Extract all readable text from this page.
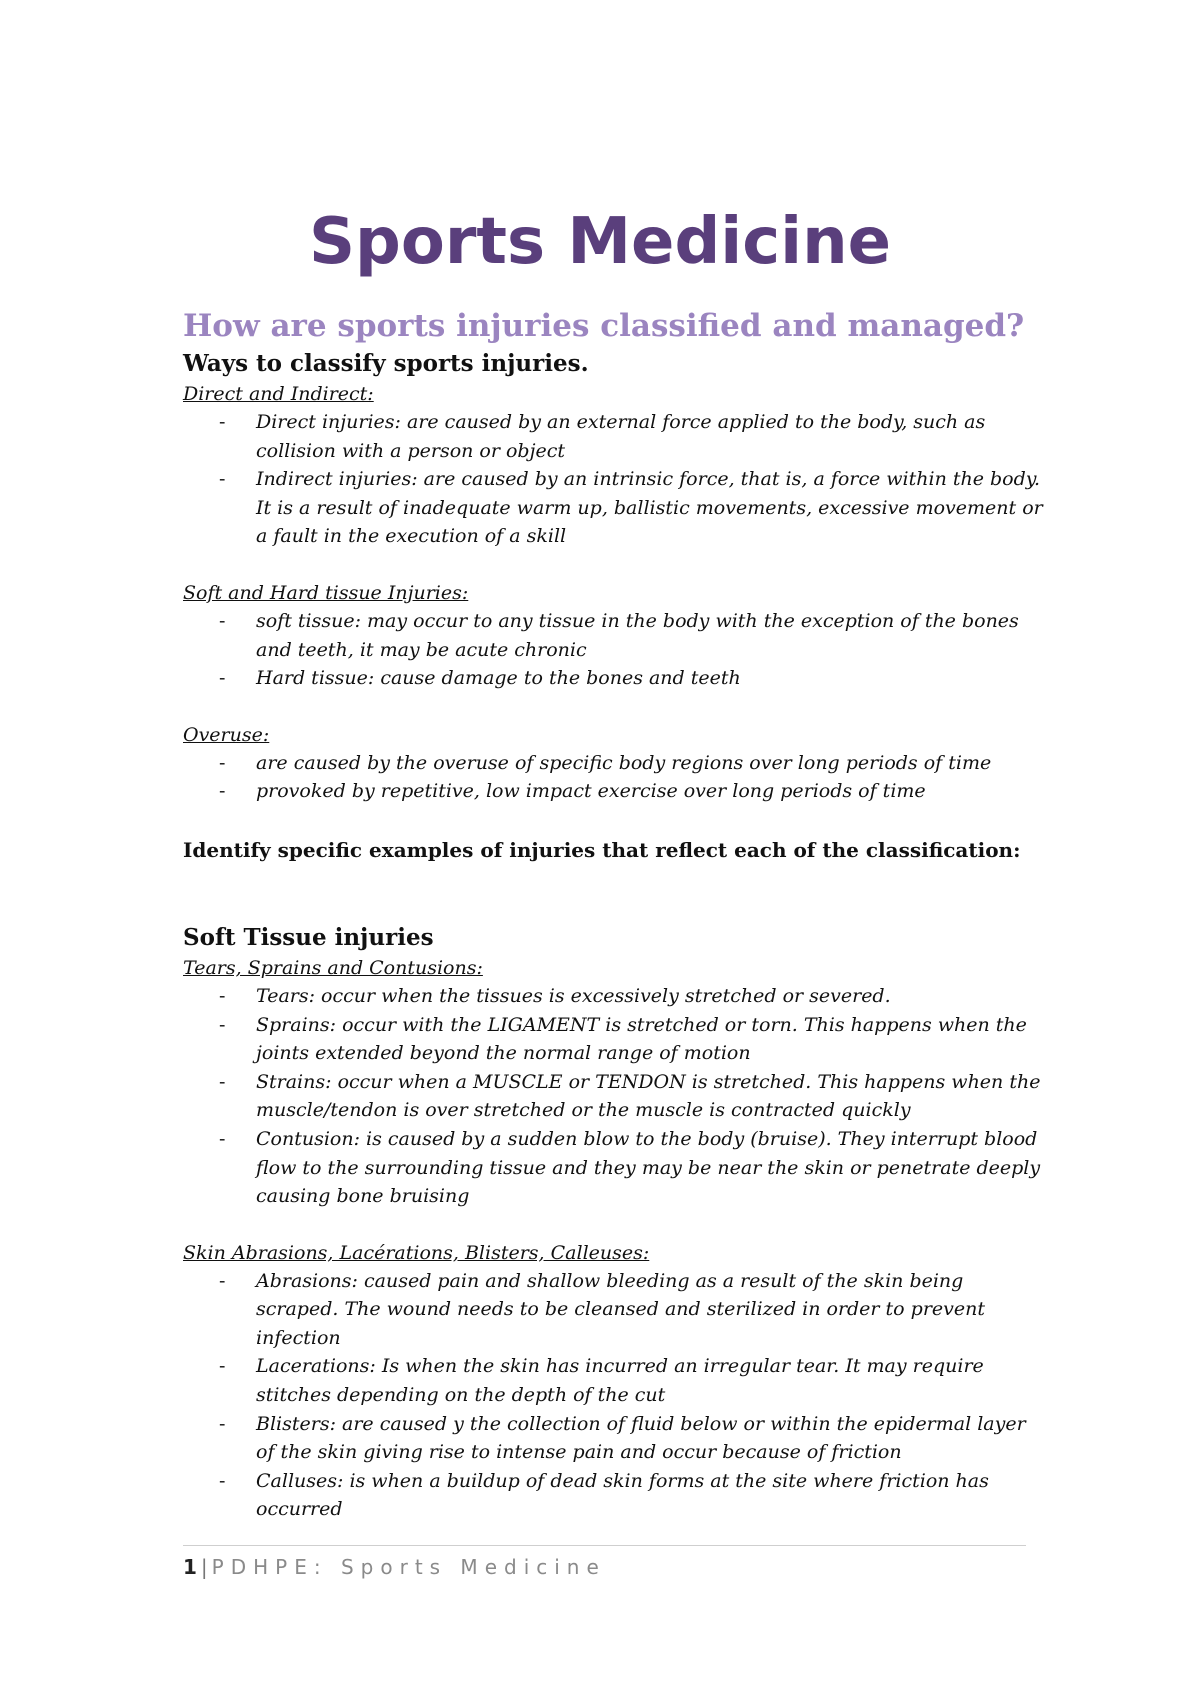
Sports Medicine
How are sports injuries classified and managed?
Ways to classify sports injuries.

Direct and Indirect:

- Direct injuries: are caused by an external force applied to the body, such as collision with a person or object
- Indirect injuries: are caused by an intrinsic force, that is, a force within the body. It is a result of inadequate warm up, ballistic movements, excessive movement or a fault in the execution of a skill

Soft and Hard tissue Injuries:

- soft tissue: may occur to any tissue in the body with the exception of the bones and teeth, it may be acute chronic
- Hard tissue: cause damage to the bones and teeth

Overuse:

- are caused by the overuse of specific body regions over long periods of time
- provoked by repetitive, low impact exercise over long periods of time

Identify specific examples of injuries that reflect each of the classification:

Soft Tissue injuries

Tears, Sprains and Contusions:

- Tears: occur when the tissues is excessively stretched or severed.
- Sprains: occur with the LIGAMENT is stretched or torn. This happens when the joints extended beyond the normal range of motion
- Strains: occur when a MUSCLE or TENDON is stretched. This happens when the muscle/tendon is over stretched or the muscle is contracted quickly
- Contusion: is caused by a sudden blow to the body (bruise). They interrupt blood flow to the surrounding tissue and they may be near the skin or penetrate deeply causing bone bruising

Skin Abrasions, Lacérations, Blisters, Calleuses:

- Abrasions: caused pain and shallow bleeding as a result of the skin being scraped. The wound needs to be cleansed and sterilized in order to prevent infection
- Lacerations: Is when the skin has incurred an irregular tear. It may require stitches depending on the depth of the cut
- Blisters: are caused y the collection of fluid below or within the epidermal layer of the skin giving rise to intense pain and occur because of friction
- Calluses: is when a buildup of dead skin forms at the site where friction has occurred
1 | PDHPE: Sports Medicine
